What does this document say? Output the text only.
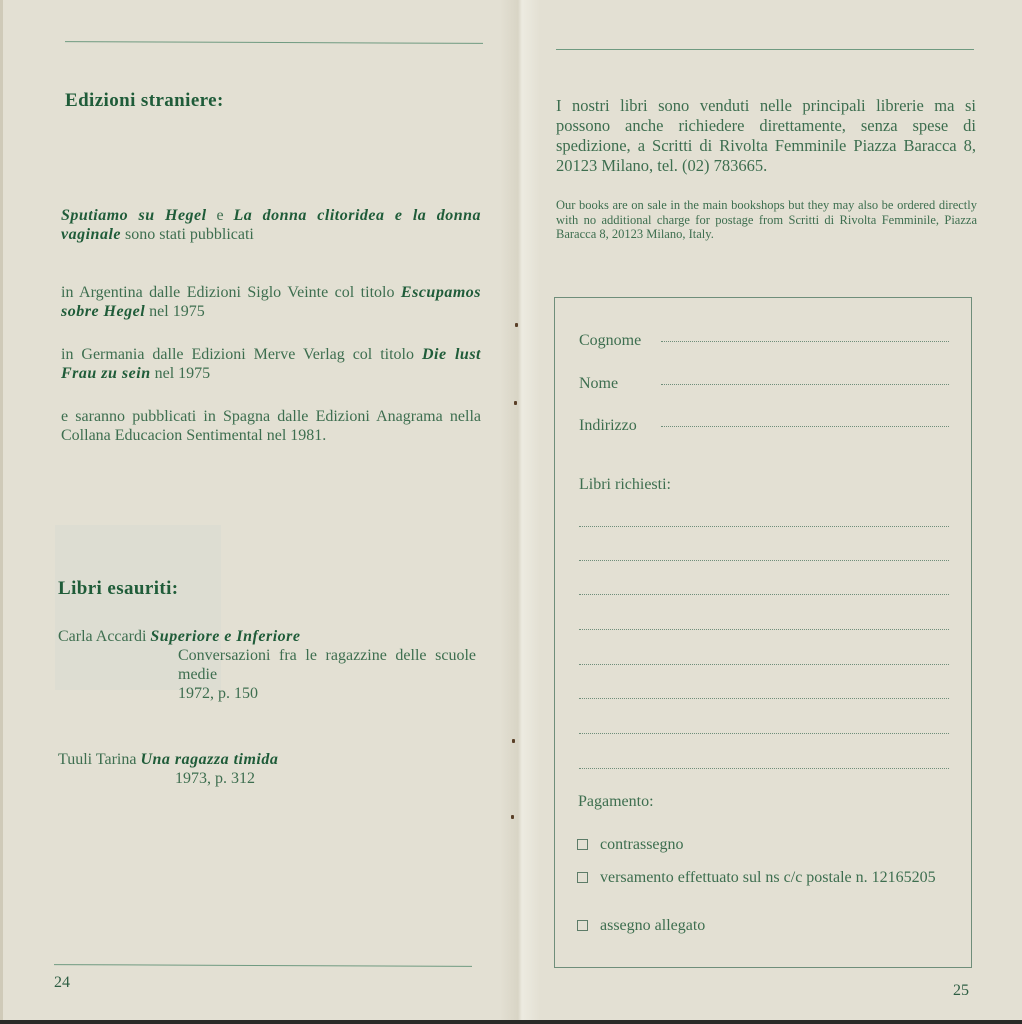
Edizioni straniere:
Sputiamo su Hegel e La donna clitoridea e la donna vaginale sono stati pubblicati
in Argentina dalle Edizioni Siglo Veinte col titolo Escupamos sobre Hegel nel 1975
in Germania dalle Edizioni Merve Verlag col titolo Die lust Frau zu sein nel 1975
e saranno pubblicati in Spagna dalle Edizioni Anagrama nella Collana Educacion Sentimental nel 1981.
Libri esauriti:
Carla Accardi Superiore e Inferiore
Conversazioni fra le ragazzine delle scuole medie
1972, p. 150
Tuuli Tarina Una ragazza timida
1973, p. 312
24
I nostri libri sono venduti nelle principali librerie ma si possono anche richiedere direttamente, senza spese di spedizione, a Scritti di Rivolta Femminile Piazza Baracca 8, 20123 Milano, tel. (02) 783665.
Our books are on sale in the main bookshops but they may also be ordered directly with no additional charge for postage from Scritti di Rivolta Femminile, Piazza Baracca 8, 20123 Milano, Italy.
Cognome
Nome
Indirizzo
Libri richiesti:
Pagamento:
contrassegno
versamento effettuato sul ns c/c postale n. 12165205
assegno allegato
25
